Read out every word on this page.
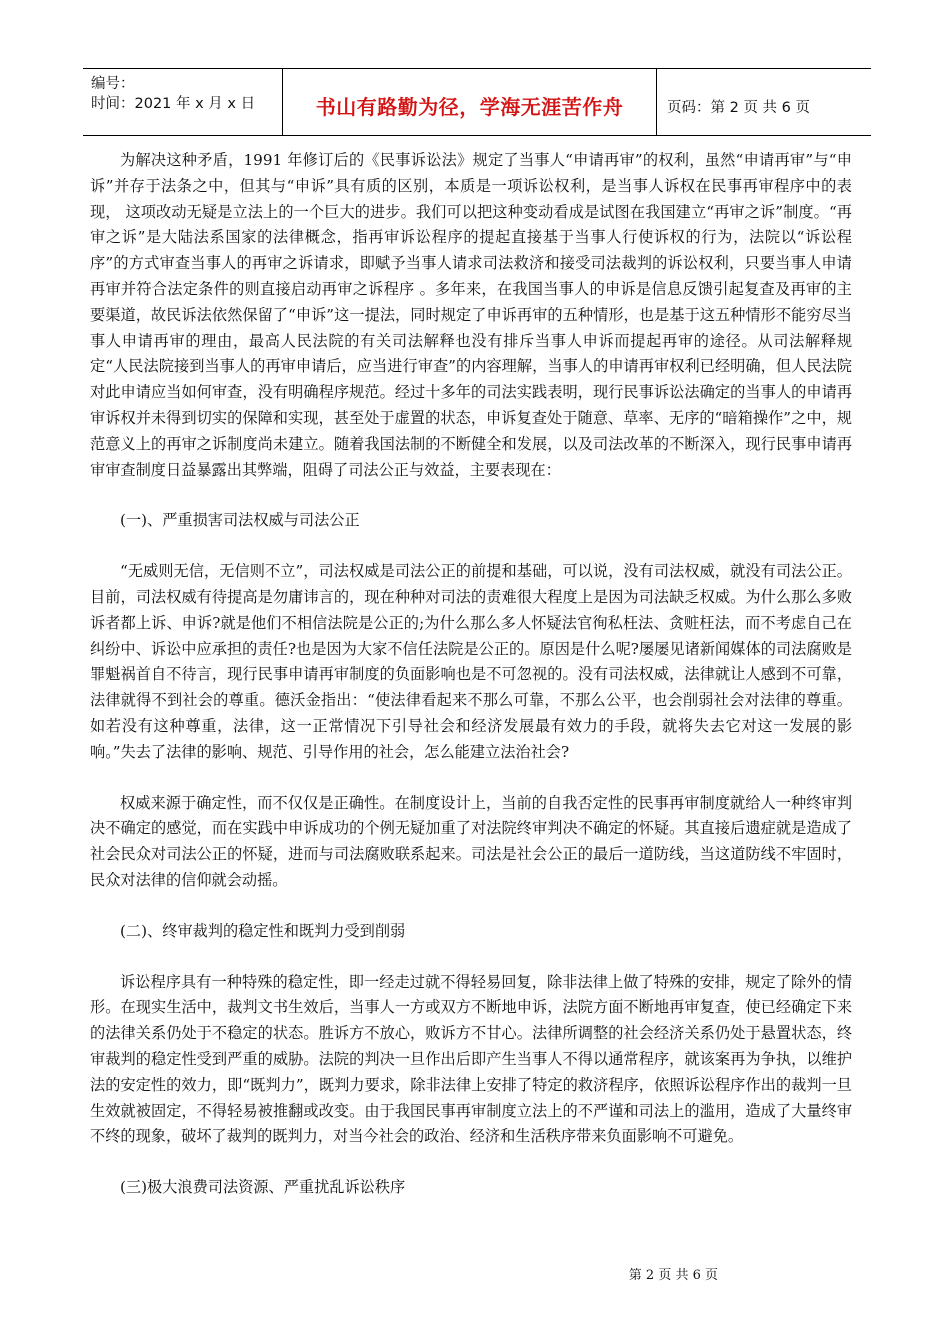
编号：
时间：2021 年 x 月 x 日	书山有路勤为径，学海无涯苦作舟	页码：第 2 页 共 6 页

为解决这种矛盾，1991 年修订后的《民事诉讼法》规定了当事人“申请再审”的权利，虽然“申请再审”与“申诉”并存于法条之中，但其与“申诉”具有质的区别，本质是一项诉讼权利，是当事人诉权在民事再审程序中的表现， 这项改动无疑是立法上的一个巨大的进步。我们可以把这种变动看成是试图在我国建立“再审之诉”制度。“再审之诉”是大陆法系国家的法律概念，指再审诉讼程序的提起直接基于当事人行使诉权的行为，法院以“诉讼程序”的方式审查当事人的再审之诉请求，即赋予当事人请求司法救济和接受司法裁判的诉讼权利，只要当事人申请再审并符合法定条件的则直接启动再审之诉程序 。多年来，在我国当事人的申诉是信息反馈引起复查及再审的主要渠道，故民诉法依然保留了“申诉”这一提法，同时规定了申诉再审的五种情形，也是基于这五种情形不能穷尽当事人申请再审的理由，最高人民法院的有关司法解释也没有排斥当事人申诉而提起再审的途径。从司法解释规定“人民法院接到当事人的再审申请后，应当进行审查”的内容理解，当事人的申请再审权利已经明确，但人民法院对此申请应当如何审查，没有明确程序规范。经过十多年的司法实践表明，现行民事诉讼法确定的当事人的申请再审诉权并未得到切实的保障和实现，甚至处于虚置的状态，申诉复查处于随意、草率、无序的“暗箱操作”之中，规范意义上的再审之诉制度尚未建立。随着我国法制的不断健全和发展，以及司法改革的不断深入，现行民事申请再审审查制度日益暴露出其弊端，阻碍了司法公正与效益，主要表现在：

(一)、严重损害司法权威与司法公正

“无威则无信，无信则不立”，司法权威是司法公正的前提和基础，可以说，没有司法权威，就没有司法公正。目前，司法权威有待提高是勿庸讳言的，现在种种对司法的责难很大程度上是因为司法缺乏权威。为什么那么多败诉者都上诉、申诉?就是他们不相信法院是公正的;为什么那么多人怀疑法官徇私枉法、贪赃枉法，而不考虑自己在纠纷中、诉讼中应承担的责任?也是因为大家不信任法院是公正的。原因是什么呢?屡屡见诸新闻媒体的司法腐败是罪魁祸首自不待言，现行民事申请再审制度的负面影响也是不可忽视的。没有司法权威，法律就让人感到不可靠，法律就得不到社会的尊重。德沃金指出：“使法律看起来不那么可靠，不那么公平，也会削弱社会对法律的尊重。如若没有这种尊重，法律，这一正常情况下引导社会和经济发展最有效力的手段，就将失去它对这一发展的影响。”失去了法律的影响、规范、引导作用的社会，怎么能建立法治社会?

权威来源于确定性，而不仅仅是正确性。在制度设计上，当前的自我否定性的民事再审制度就给人一种终审判决不确定的感觉，而在实践中申诉成功的个例无疑加重了对法院终审判决不确定的怀疑。其直接后遗症就是造成了社会民众对司法公正的怀疑，进而与司法腐败联系起来。司法是社会公正的最后一道防线，当这道防线不牢固时，民众对法律的信仰就会动摇。

(二)、终审裁判的稳定性和既判力受到削弱

诉讼程序具有一种特殊的稳定性，即一经走过就不得轻易回复，除非法律上做了特殊的安排，规定了除外的情形。在现实生活中，裁判文书生效后，当事人一方或双方不断地申诉，法院方面不断地再审复查，使已经确定下来的法律关系仍处于不稳定的状态。胜诉方不放心，败诉方不甘心。法律所调整的社会经济关系仍处于悬置状态，终审裁判的稳定性受到严重的威胁。法院的判决一旦作出后即产生当事人不得以通常程序，就该案再为争执，以维护法的安定性的效力，即“既判力”，既判力要求，除非法律上安排了特定的救济程序，依照诉讼程序作出的裁判一旦生效就被固定，不得轻易被推翻或改变。由于我国民事再审制度立法上的不严谨和司法上的滥用，造成了大量终审不终的现象，破坏了裁判的既判力，对当今社会的政治、经济和生活秩序带来负面影响不可避免。

(三)极大浪费司法资源、严重扰乱诉讼秩序

第 2 页 共 6 页
